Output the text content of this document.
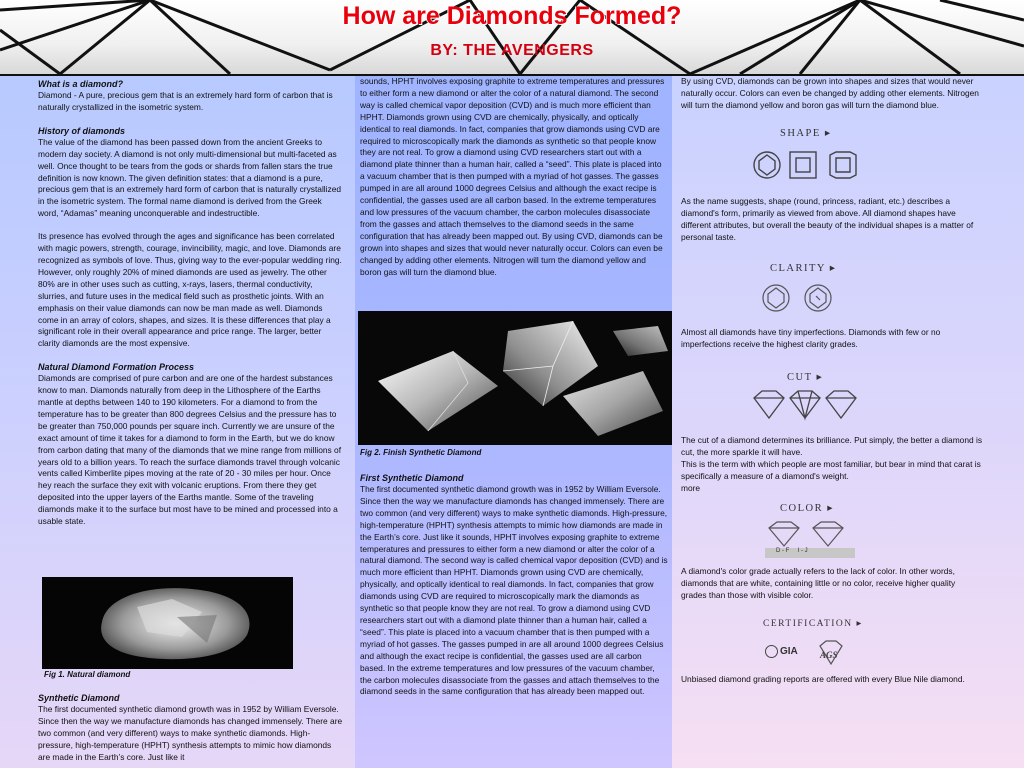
How are Diamonds Formed?
BY: THE AVENGERS
What is a diamond?

Diamond - A pure, precious gem that is an extremely hard form of carbon that is naturally crystallized in the isometric system.

History of diamonds

The value of the diamond has been passed down from the ancient Greeks to modern day society. A diamond is not only multi-dimensional but multi-faceted as well. Once thought to be tears from the gods or shards from fallen stars the true definition is now known. The given definition states: that a diamond is a pure, precious gem that is an extremely hard form of carbon that is naturally crystallized in the isometric system. The formal name diamond is derived from the Greek word, “Adamas” meaning unconquerable and indestructible.

Its presence has evolved through the ages and significance has been correlated with magic powers, strength, courage, invincibility, magic, and love. Diamonds are recognized as symbols of love. Thus, giving way to the ever-popular wedding ring. However, only roughly 20% of mined diamonds are used as jewelry. The other 80% are in other uses such as cutting, x-rays, lasers, thermal conductivity, slurries, and future uses in the medical field such as prosthetic joints. With an emphasis on their value diamonds can now be man made as well. Diamonds come in an array of colors, shapes, and sizes. It is these differences that play a significant role in their overall appearance and price range. The larger, better clarity diamonds are the most expensive.

Natural Diamond Formation Process

Diamonds are comprised of pure carbon and are one of the hardest substances know to man. Diamonds naturally from deep in the Lithosphere of the Earths mantle at depths between 140 to 190 kilometers. For a diamond to from the temperature has to be greater than 800 degrees Celsius and the pressure has to be greater than 750,000 pounds per square inch. Currently we are unsure of the exact amount of time it takes for a diamond to form in the Earth, but we do know from carbon dating that many of the diamonds that we mine range from millions of years old to a billion years. To reach the surface diamonds travel through volcanic vents called Kimberlite pipes moving at the rate of 20 - 30 miles per hour. Once hey reach the surface they exit with volcanic eruptions. From there they get deposited into the upper layers of the Earths mantle. Some of the traveling diamonds make it to the surface but most have to be mined and processed into a usable state.

Fig 1. Natural diamond
Synthetic Diamond

The first documented synthetic diamond growth was in 1952 by William Eversole. Since then the way we manufacture diamonds has changed immensely. There are two common (and very different) ways to make synthetic diamonds. High-pressure, high-temperature (HPHT) synthesis attempts to mimic how diamonds are made in the Earth’s core. Just like it

sounds, HPHT involves exposing graphite to extreme temperatures and pressures to either form a new diamond or alter the color of a natural diamond. The second way is called chemical vapor deposition (CVD) and is much more efficient than HPHT. Diamonds grown using CVD are chemically, physically, and optically identical to real diamonds. In fact, companies that grow diamonds using CVD are required to microscopically mark the diamonds as synthetic so that people know they are not real. To grow a diamond using CVD researchers start out with a diamond plate thinner than a human hair, called a “seed”. This plate is placed into a vacuum chamber that is then pumped with a myriad of hot gasses. The gasses pumped in are all around 1000 degrees Celsius and although the exact recipe is confidential, the gasses used are all carbon based. In the extreme temperatures and low pressures of the vacuum chamber, the carbon molecules disassociate from the gasses and attach themselves to the diamond seeds in the same configuration that has already been mapped out. By using CVD, diamonds can be grown into shapes and sizes that would never naturally occur. Colors can even be changed by adding other elements. Nitrogen will turn the diamond yellow and boron gas will turn the diamond blue.

Fig 2. Finish Synthetic Diamond
First Synthetic Diamond

The first documented synthetic diamond growth was in 1952 by William Eversole. Since then the way we manufacture diamonds has changed immensely. There are two common (and very different) ways to make synthetic diamonds. High-pressure, high-temperature (HPHT) synthesis attempts to mimic how diamonds are made in the Earth’s core. Just like it sounds, HPHT involves exposing graphite to extreme temperatures and pressures to either form a new diamond or alter the color of a natural diamond. The second way is called chemical vapor deposition (CVD) and is much more efficient than HPHT. Diamonds grown using CVD are chemically, physically, and optically identical to real diamonds. In fact, companies that grow diamonds using CVD are required to microscopically mark the diamonds as synthetic so that people know they are not real. To grow a diamond using CVD researchers start out with a diamond plate thinner than a human hair, called a “seed”. This plate is placed into a vacuum chamber that is then pumped with a myriad of hot gasses. The gasses pumped in are all around 1000 degrees Celsius and although the exact recipe is confidential, the gasses used are all carbon based. In the extreme temperatures and low pressures of the vacuum chamber, the carbon molecules disassociate from the gasses and attach themselves to the diamond seeds in the same configuration that has already been mapped out.

By using CVD, diamonds can be grown into shapes and sizes that would never naturally occur. Colors can even be changed by adding other elements. Nitrogen will turn the diamond yellow and boron gas will turn the diamond blue.
SHAPE ▸
As the name suggests, shape (round, princess, radiant, etc.) describes a diamond's form, primarily as viewed from above. All diamond shapes have different attributes, but overall the beauty of the individual shapes is a matter of personal taste.
CLARITY ▸
Almost all diamonds have tiny imperfections. Diamonds with few or no imperfections receive the highest clarity grades.
CUT ▸

The cut of a diamond determines its brilliance. Put simply, the better a diamond is cut, the more sparkle it will have.

This is the term with which people are most familiar, but bear in mind that carat is specifically a measure of a diamond's weight.

more

COLOR ▸
D - F     I - J
A diamond's color grade actually refers to the lack of color. In other words, diamonds that are white, containing little or no color, receive higher quality grades than those with visible color.
CERTIFICATION ▸
GIA AGS
Unbiased diamond grading reports are offered with every Blue Nile diamond.
